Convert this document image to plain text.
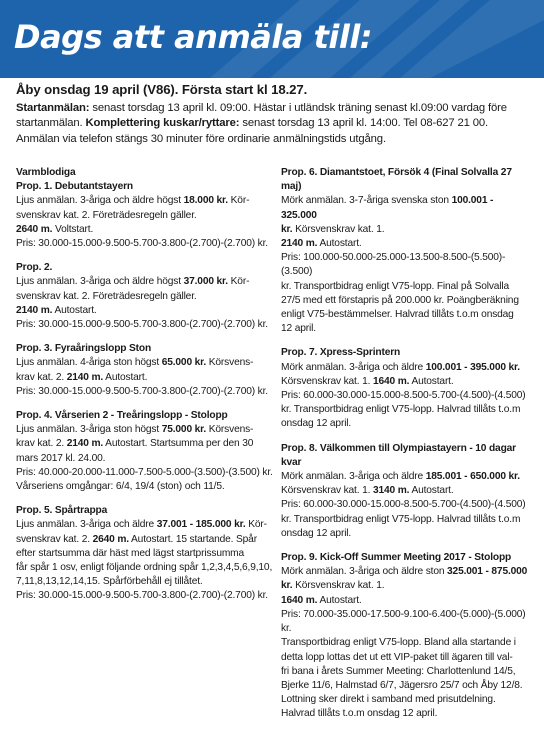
Dags att anmäla till:

Åby onsdag 19 april (V86). Första start kl 18.27.

Startanmälan: senast torsdag 13 april kl. 09:00. Hästar i utländsk träning senast kl.09:00 vardag före startanmälan. Komplettering kuskar/ryttare: senast torsdag 13 april kl. 14:00. Tel 08-627 21 00. Anmälan via telefon stängs 30 minuter före ordinarie anmälningstids utgång.

Varmblodiga

Prop. 1. Debutantstayern

Ljus anmälan. 3-åriga och äldre högst 18.000 kr. Kör-

svenskrav kat. 2. Företrädesregeln gäller.

2640 m. Voltstart.

Pris: 30.000-15.000-9.500-5.700-3.800-(2.700)-(2.700) kr.

Prop. 2.

Ljus anmälan. 3-åriga och äldre högst 37.000 kr. Kör-

svenskrav kat. 2. Företrädesregeln gäller.

2140 m. Autostart.

Pris: 30.000-15.000-9.500-5.700-3.800-(2.700)-(2.700) kr.

Prop. 3. Fyraåringslopp Ston

Ljus anmälan. 4-åriga ston högst 65.000 kr. Körsvens-

krav kat. 2. 2140 m. Autostart.

Pris: 30.000-15.000-9.500-5.700-3.800-(2.700)-(2.700) kr.

Prop. 4. Vårserien 2 - Treåringslopp - Stolopp

Ljus anmälan. 3-åriga ston högst 75.000 kr. Körsvens-

krav kat. 2. 2140 m. Autostart. Startsumma per den 30

mars 2017 kl. 24.00.

Pris: 40.000-20.000-11.000-7.500-5.000-(3.500)-(3.500) kr.

Vårseriens omgångar: 6/4, 19/4 (ston) och 11/5.

Prop. 5. Spårtrappa

Ljus anmälan. 3-åriga och äldre 37.001 - 185.000 kr. Kör-

svenskrav kat. 2. 2640 m. Autostart. 15 startande. Spår

efter startsumma där häst med lägst startprissumma

får spår 1 osv, enligt följande ordning spår 1,2,3,4,5,6,9,10,

7,11,8,13,12,14,15. Spårförbehåll ej tillåtet.

Pris: 30.000-15.000-9.500-5.700-3.800-(2.700)-(2.700) kr.

Prop. 6. Diamantstoet, Försök 4 (Final Solvalla 27 maj)

Mörk anmälan. 3-7-åriga svenska ston 100.001 - 325.000

kr. Körsvenskrav kat. 1.

2140 m. Autostart.

Pris: 100.000-50.000-25.000-13.500-8.500-(5.500)-(3.500)

kr. Transportbidrag enligt V75-lopp. Final på Solvalla

27/5 med ett förstapris på 200.000 kr. Poängberäkning

enligt V75-bestämmelser. Halvrad tillåts t.o.m onsdag

12 april.

Prop. 7. Xpress-Sprintern

Mörk anmälan. 3-åriga och äldre 100.001 - 395.000 kr.

Körsvenskrav kat. 1. 1640 m. Autostart.

Pris: 60.000-30.000-15.000-8.500-5.700-(4.500)-(4.500)

kr. Transportbidrag enligt V75-lopp. Halvrad tillåts t.o.m

onsdag 12 april.

Prop. 8. Välkommen till Olympiastayern - 10 dagar kvar

Mörk anmälan. 3-åriga och äldre 185.001 - 650.000 kr.

Körsvenskrav kat. 1. 3140 m. Autostart.

Pris: 60.000-30.000-15.000-8.500-5.700-(4.500)-(4.500)

kr. Transportbidrag enligt V75-lopp. Halvrad tillåts t.o.m

onsdag 12 april.

Prop. 9. Kick-Off Summer Meeting 2017 - Stolopp

Mörk anmälan. 3-åriga och äldre ston 325.001 - 875.000

kr. Körsvenskrav kat. 1.

1640 m. Autostart.

Pris: 70.000-35.000-17.500-9.100-6.400-(5.000)-(5.000) kr.

Transportbidrag enligt V75-lopp. Bland alla startande i

detta lopp lottas det ut ett VIP-paket till ägaren till val-

fri bana i årets Summer Meeting: Charlottenlund 14/5,

Bjerke 11/6, Halmstad 6/7, Jägersro 25/7 och Åby 12/8.

Lottning sker direkt i samband med prisutdelning.

Halvrad tillåts t.o.m onsdag 12 april.
